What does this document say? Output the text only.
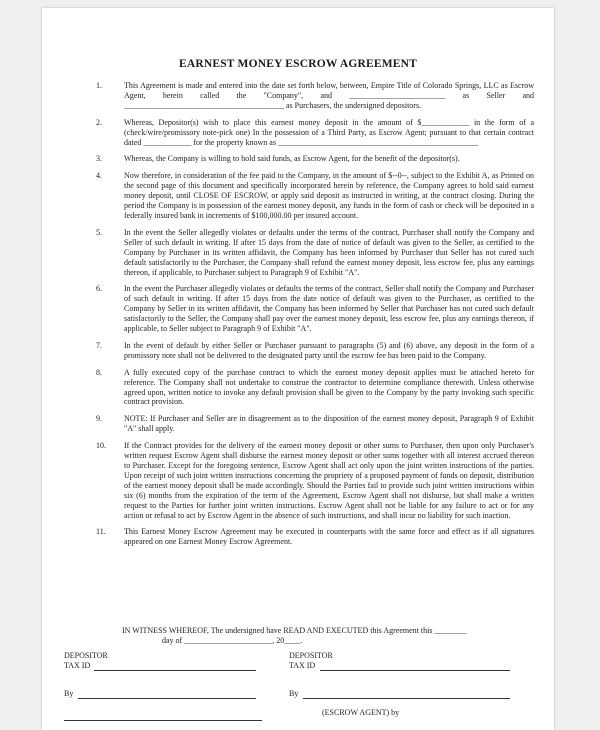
EARNEST MONEY ESCROW AGREEMENT
1.	This Agreement is made and entered into the date set forth below, between, Empire Title of Colorado Springs, LLC as Escrow Agent, herein called the "Company", and ________________________ as Seller and ________________________________________ as Purchasers, the undersigned depositors.
2.	Whereas, Depositor(s) wish to place this earnest money deposit in the amount of $____________ in the form of a (check/wire/promissory note-pick one) In the possession of a Third Party, as Escrow Agent; pursuant to that certain contract dated ____________ for the property known as __________________________________________________
3.	Whereas, the Company is willing to hold said funds, as Escrow Agent, for the benefit of the depositor(s).
4.	Now therefore, in consideration of the fee paid to the Company, in the amount of $--0--, subject to the Exhibit A, as Printed on the second page of this document and specifically incorporated herein by reference, the Company agrees to hold said earnest money deposit, until CLOSE OF ESCROW, or apply said deposit as instructed in writing, at the contract closing. During the period the Company is in possession of the earnest money deposit, any funds in the form of cash or check will be deposited in a federally insured bank in increments of $100,000.00 per insured account.
5.	In the event the Seller allegedly violates or defaults under the terms of the contract, Purchaser shall notify the Company and Seller of such default in writing. If after 15 days from the date of notice of default was given to the Seller, as certified to the Company by Purchaser in its written affidavit, the Company has been informed by Purchaser that Seller has not cured such default satisfactorily to the Purchaser, the Company shall refund the earnest money deposit, less escrow fee, plus any earnings thereon, if applicable, to Purchaser subject to Paragraph 9 of Exhibit "A".
6.	In the event the Purchaser allegedly violates or defaults the terms of the contract, Seller shall notify the Company and Purchaser of such default in writing. If after 15 days from the date notice of default was given to the Purchaser, as certified to the Company by Seller in its written affidavit, the Company has been informed by Seller that Purchaser has not cured such default satisfactorily to the Seller, the Company shall pay over the earnest money deposit, less escrow fee, plus any earnings thereon, if applicable, to Seller subject to Paragraph 9 of Exhibit "A".
7.	In the event of default by either Seller or Purchaser pursuant to paragraphs (5) and (6) above, any deposit in the form of a promissory note shall not be delivered to the designated party until the escrow fee has been paid to the Company.
8.	A fully executed copy of the purchase contract to which the earnest money deposit applies must be attached hereto for reference. The Company shall not undertake to construe the contractor to determine compliance therewith. Unless otherwise agreed upon, written notice to invoke any default provision shall be given to the Company by the party invoking such specific contract provision.
9.	NOTE: If Purchaser and Seller are in disagreement as to the disposition of the earnest money deposit, Paragraph 9 of Exhibit "A" shall apply.
10. If the Contract provides for the delivery of the earnest money deposit or other sums to Purchaser, then upon only Purchaser's written request Escrow Agent shall disburse the earnest money deposit or other sums together with all interest accrued thereon to Purchaser. Except for the foregoing sentence, Escrow Agent shall act only upon the joint written instructions of the parties. Upon receipt of such joint written instructions concerning the propriety of a proposed payment of funds on deposit, distribution of the earnest money deposit shall be made accordingly. Should the Parties fail to provide such joint written instructions within six (6) months from the expiration of the term of the Agreement, Escrow Agent shall not disburse, but shall make a written request to the Parties for further joint written instructions. Escrow Agent shall not be liable for any failure to act or for any action or refusal to act by Escrow Agent in the absence of such instructions, and shall incur no liability for such inaction.
11. This Earnest Money Escrow Agreement may be executed in counterparts with the same force and effect as if all signatures appeared on one Earnest Money Escrow Agreement.
IN WITNESS WHEREOF, The undersigned have READ AND EXECUTED this Agreement this ________
day of ______________________, 20____.
DEPOSITOR
TAX ID
DEPOSITOR
TAX ID
By	By
(ESCROW AGENT) by
